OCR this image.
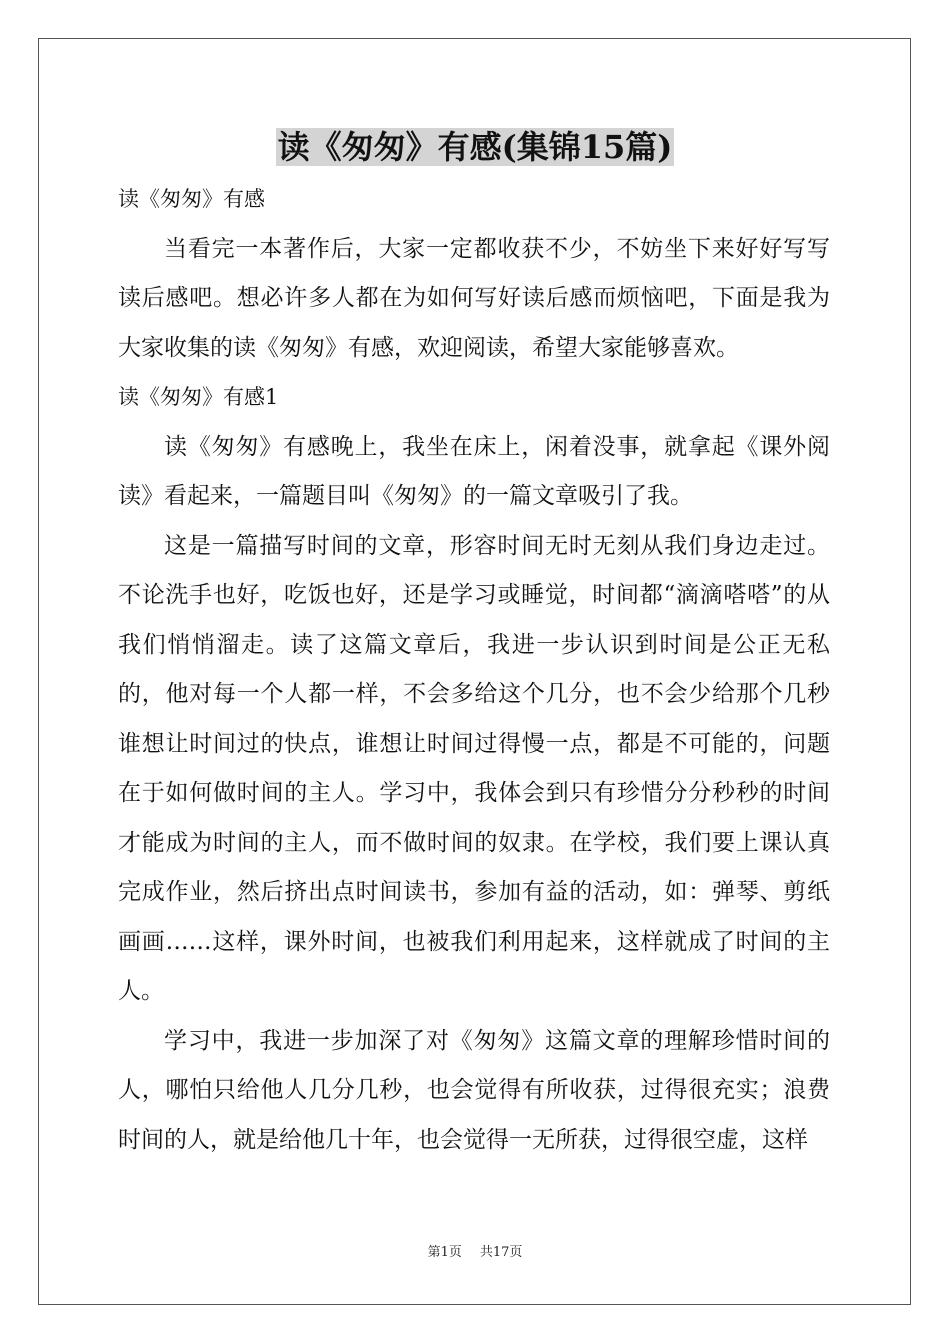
读《匆匆》有感(集锦15篇)

读《匆匆》有感

当看完一本著作后，大家一定都收获不少，不妨坐下来好好写写读后感吧。想必许多人都在为如何写好读后感而烦恼吧，下面是我为大家收集的读《匆匆》有感，欢迎阅读，希望大家能够喜欢。

读《匆匆》有感1

读《匆匆》有感晚上，我坐在床上，闲着没事，就拿起《课外阅读》看起来，一篇题目叫《匆匆》的一篇文章吸引了我。

这是一篇描写时间的文章，形容时间无时无刻从我们身边走过。不论洗手也好，吃饭也好，还是学习或睡觉，时间都“滴滴嗒嗒”的从我们悄悄溜走。读了这篇文章后，我进一步认识到时间是公正无私的，他对每一个人都一样，不会多给这个几分，也不会少给那个几秒谁想让时间过的快点，谁想让时间过得慢一点，都是不可能的，问题在于如何做时间的主人。学习中，我体会到只有珍惜分分秒秒的时间才能成为时间的主人，而不做时间的奴隶。在学校，我们要上课认真完成作业，然后挤出点时间读书，参加有益的活动，如：弹琴、剪纸画画……这样，课外时间，也被我们利用起来，这样就成了时间的主人。

学习中，我进一步加深了对《匆匆》这篇文章的理解珍惜时间的人，哪怕只给他人几分几秒，也会觉得有所收获，过得很充实；浪费时间的人，就是给他几十年，也会觉得一无所获，过得很空虚，这样

第1页 共17页
